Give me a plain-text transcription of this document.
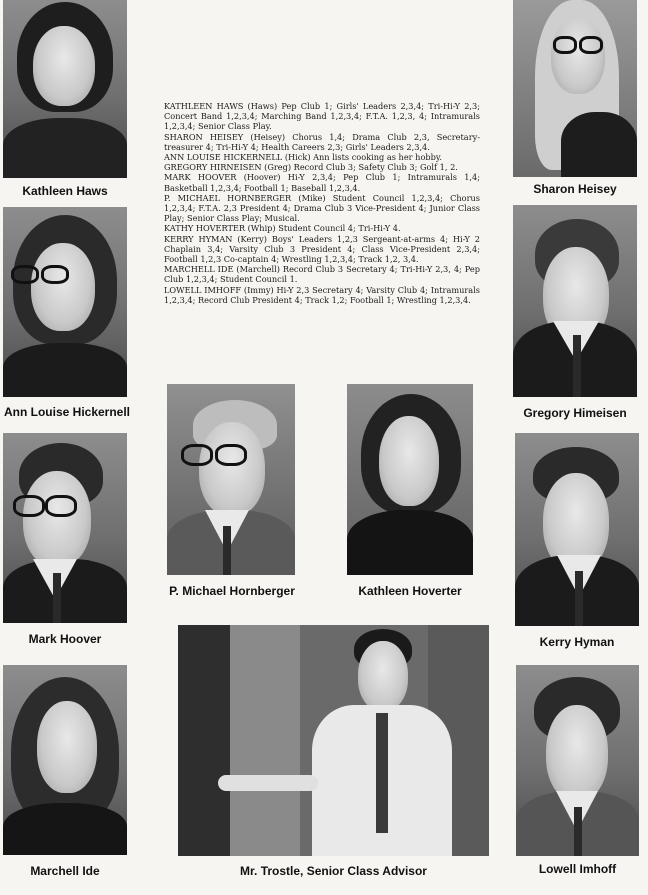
Kathleen Haws	Sharon Heisey

KATHLEEN HAWS (Haws) Pep Club 1; Girls' Leaders 2,3,4; Tri-Hi-Y 2,3; Concert Band 1,2,3,4; Marching Band 1,2,3,4; F.T.A. 1,2,3, 4; Intramurals 1,2,3,4; Senior Class Play.

SHARON HEISEY (Heisey) Chorus 1,4; Drama Club 2,3, Secretary-treasurer 4; Tri-Hi-Y 4; Health Careers 2,3; Girls' Leaders 2,3,4.

ANN LOUISE HICKERNELL (Hick) Ann lists cooking as her hobby.

GREGORY HIRNEISEN (Greg) Record Club 3; Safety Club 3; Golf 1, 2.

MARK HOOVER (Hoover) Hi-Y 2,3,4; Pep Club 1; Intramurals 1,4; Basketball 1,2,3,4; Football 1; Baseball 1,2,3,4.

P. MICHAEL HORNBERGER (Mike) Student Council 1,2,3,4; Chorus 1,2,3,4; F.T.A. 2,3 President 4; Drama Club 3 Vice-President 4; Junior Class Play; Senior Class Play; Musical.

KATHY HOVERTER (Whip) Student Council 4; Tri-Hi-Y 4.

KERRY HYMAN (Kerry) Boys' Leaders 1,2,3 Sergeant-at-arms 4; Hi-Y 2 Chaplain 3,4; Varsity Club 3 President 4; Class Vice-President 2,3,4; Football 1,2,3 Co-captain 4; Wrestling 1,2,3,4; Track 1,2, 3,4.

MARCHELL IDE (Marchell) Record Club 3 Secretary 4; Tri-Hi-Y 2,3, 4; Pep Club 1,2,3,4; Student Council 1.

LOWELL IMHOFF (Immy) Hi-Y 2,3 Secretary 4; Varsity Club 4; Intramurals 1,2,3,4; Record Club President 4; Track 1,2; Football 1; Wrestling 1,2,3,4.

Ann Louise Hickernell	Gregory Himeisen
Mark Hoover
P. Michael Hornberger	Kathleen Hoverter
Kerry Hyman
Marchell Ide	Mr. Trostle, Senior Class Advisor	Lowell Imhoff
